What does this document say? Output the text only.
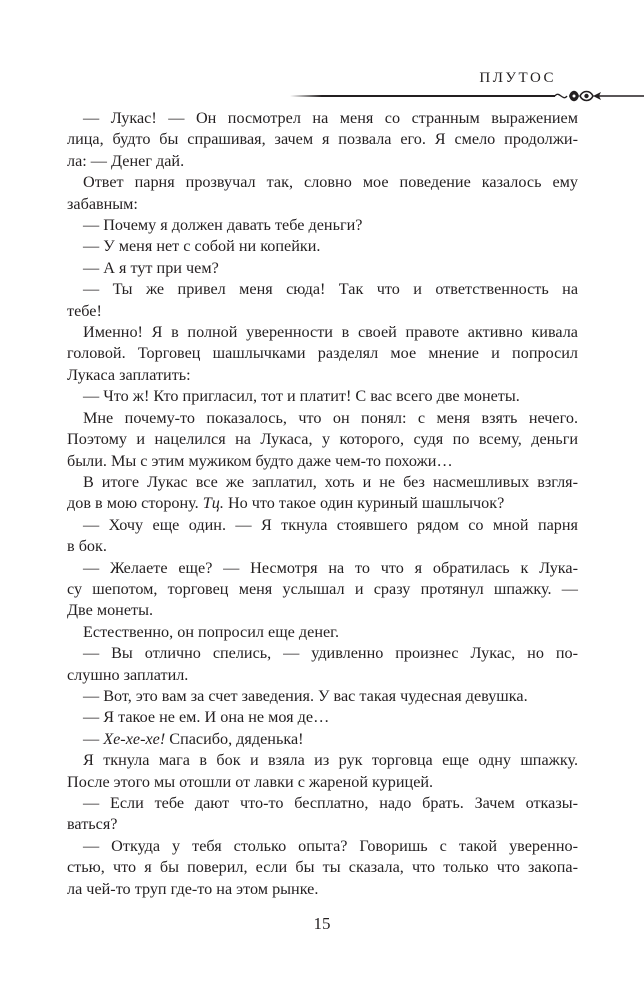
ПЛУТОС
— Лукас! — Он посмотрел на меня со странным выражением
лица, будто бы спрашивая, зачем я позвала его. Я смело продолжи-
ла: — Денег дай.
Ответ парня прозвучал так, словно мое поведение казалось ему
забавным:
— Почему я должен давать тебе деньги?
— У меня нет с собой ни копейки.
— А я тут при чем?
— Ты же привел меня сюда! Так что и ответственность на
тебе!
Именно! Я в полной уверенности в своей правоте активно кивала
головой. Торговец шашлычками разделял мое мнение и попросил
Лукаса заплатить:
— Что ж! Кто пригласил, тот и платит! С вас всего две монеты.
Мне почему-то показалось, что он понял: с меня взять нечего.
Поэтому и нацелился на Лукаса, у которого, судя по всему, деньги
были. Мы с этим мужиком будто даже чем-то похожи…
В итоге Лукас все же заплатил, хоть и не без насмешливых взгля-
дов в мою сторону. Тц. Но что такое один куриный шашлычок?
— Хочу еще один. — Я ткнула стоявшего рядом со мной парня
в бок.
— Желаете еще? — Несмотря на то что я обратилась к Лука-
су шепотом, торговец меня услышал и сразу протянул шпажку. —
Две монеты.
Естественно, он попросил еще денег.
— Вы отлично спелись, — удивленно произнес Лукас, но по-
слушно заплатил.
— Вот, это вам за счет заведения. У вас такая чудесная девушка.
— Я такое не ем. И она не моя де…
— Хе-хе-хе! Спасибо, дяденька!
Я ткнула мага в бок и взяла из рук торговца еще одну шпажку.
После этого мы отошли от лавки с жареной курицей.
— Если тебе дают что-то бесплатно, надо брать. Зачем отказы-
ваться?
— Откуда у тебя столько опыта? Говоришь с такой уверенно-
стью, что я бы поверил, если бы ты сказала, что только что закопа-
ла чей-то труп где-то на этом рынке.
15
